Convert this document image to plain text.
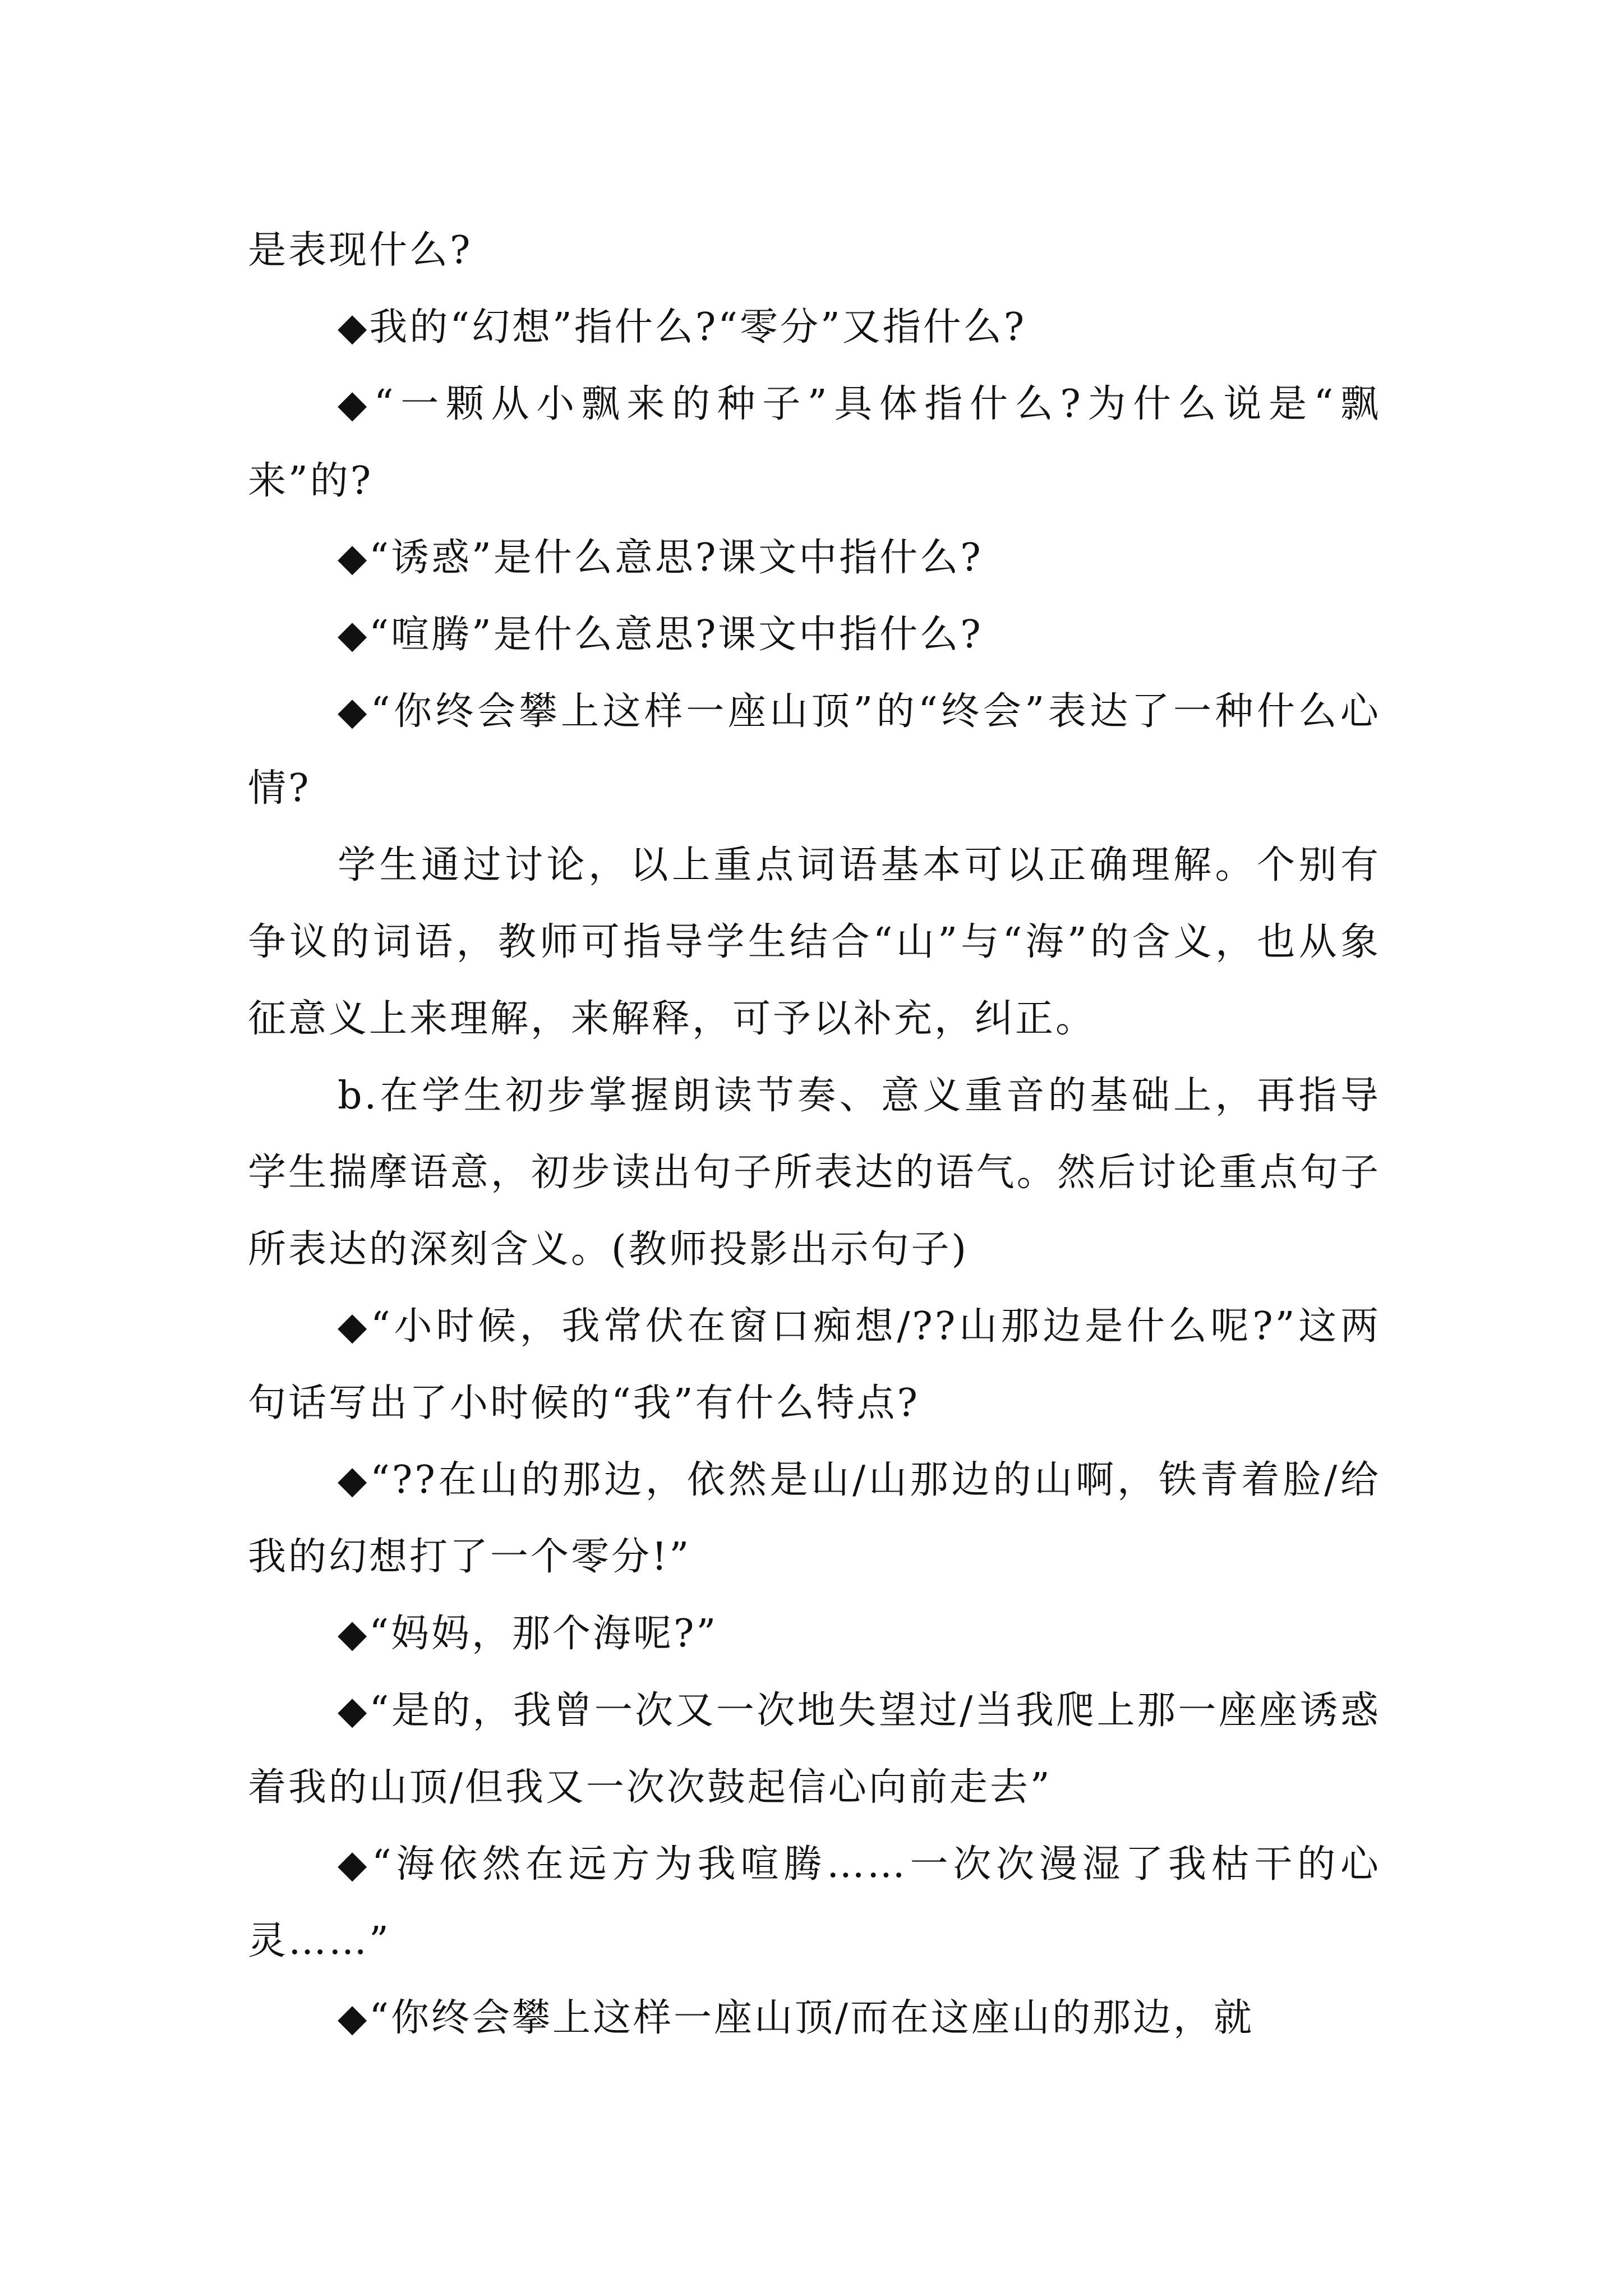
是表现什么?

◆我的“幻想”指什么?“零分”又指什么?

◆“一颗从小飘来的种子”具体指什么?为什么说是“飘来”的?

◆“诱惑”是什么意思?课文中指什么?

◆“喧腾”是什么意思?课文中指什么?

◆“你终会攀上这样一座山顶”的“终会”表达了一种什么心情?

学生通过讨论，以上重点词语基本可以正确理解。个别有争议的词语，教师可指导学生结合“山”与“海”的含义，也从象征意义上来理解，来解释，可予以补充，纠正。

b.在学生初步掌握朗读节奏、意义重音的基础上，再指导学生揣摩语意，初步读出句子所表达的语气。然后讨论重点句子所表达的深刻含义。(教师投影出示句子)

◆“小时候，我常伏在窗口痴想/??山那边是什么呢?”这两句话写出了小时候的“我”有什么特点?

◆“??在山的那边，依然是山/山那边的山啊，铁青着脸/给我的幻想打了一个零分!”

◆“妈妈，那个海呢?”

◆“是的，我曾一次又一次地失望过/当我爬上那一座座诱惑着我的山顶/但我又一次次鼓起信心向前走去”

◆“海依然在远方为我喧腾……一次次漫湿了我枯干的心灵……”

◆“你终会攀上这样一座山顶/而在这座山的那边，就
